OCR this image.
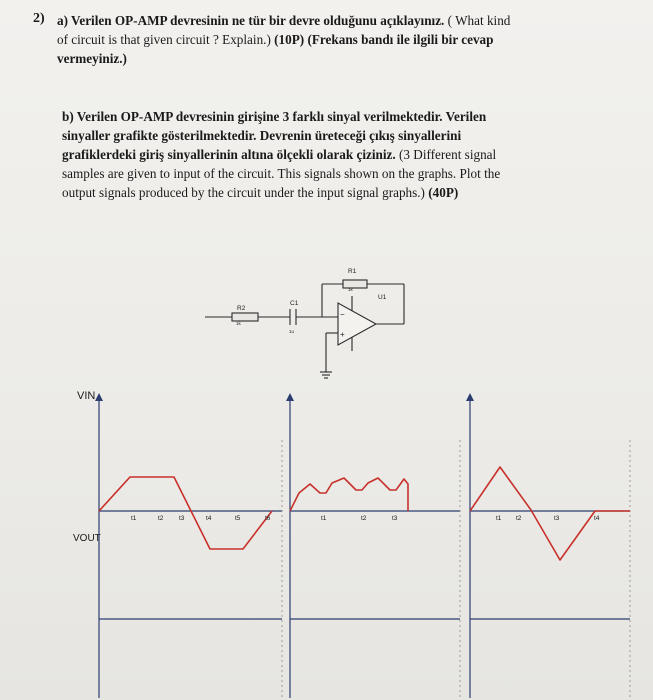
2) a) Verilen OP-AMP devresinin ne tür bir devre olduğunu açıklayınız. ( What kind
of circuit is that given circuit ? Explain.) (10P) (Frekans bandı ile ilgili bir cevap
vermeyiniz.)
b) Verilen OP-AMP devresinin girişine 3 farklı sinyal verilmektedir. Verilen
sinyaller grafikte gösterilmektedir. Devrenin üreteceği çıkış sinyallerini
grafiklerdeki giriş sinyallerinin altına ölçekli olarak çiziniz. (3 Different signal
samples are given to input of the circuit. This signals shown on the graphs. Plot the
output signals produced by the circuit under the input signal graphs.) (40P)
R1
1k
R2
1k
C1
1u
U1
−
+
VIN
VOUT
t1	t2 t3	t4	t5	t6	t1	t2	t3	t1 t2	t3	t4
